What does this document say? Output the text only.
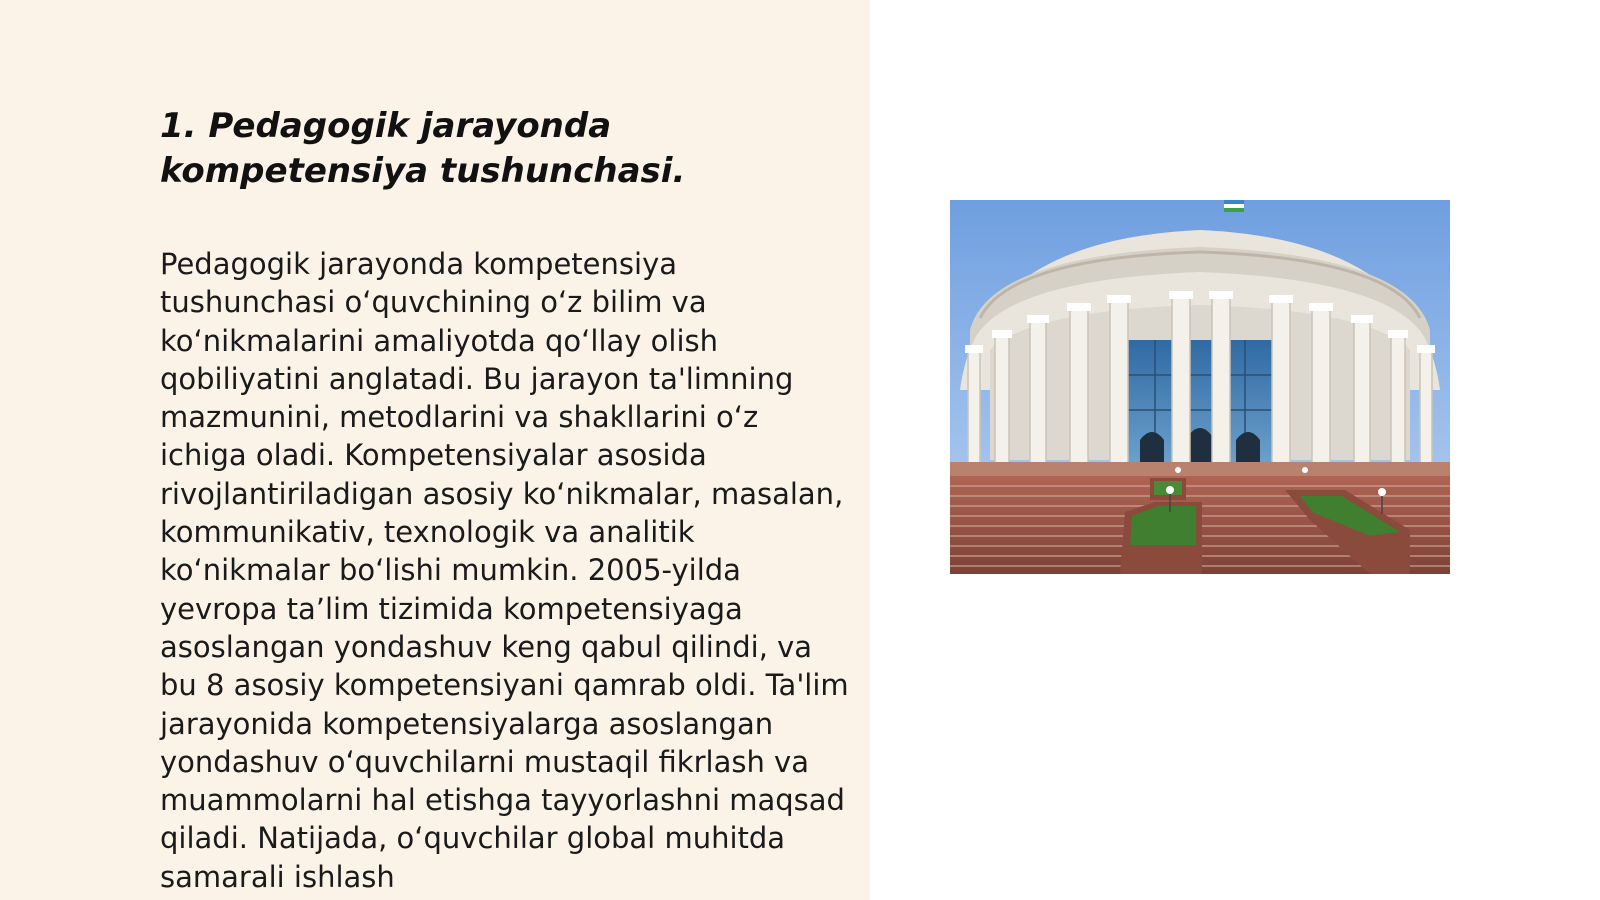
1. Pedagogik jarayonda kompetensiya tushunchasi.

Pedagogik jarayonda kompetensiya tushunchasi o‘quvchining o‘z bilim va ko‘nikmalarini amaliyotda qo‘llay olish qobiliyatini anglatadi. Bu jarayon ta'limning mazmunini, metodlarini va shakllarini o‘z ichiga oladi. Kompetensiyalar asosida rivojlantiriladigan asosiy ko‘nikmalar, masalan, kommunikativ, texnologik va analitik ko‘nikmalar bo‘lishi mumkin. 2005-yilda yevropa ta’lim tizimida kompetensiyaga asoslangan yondashuv keng qabul qilindi, va bu 8 asosiy kompetensiyani qamrab oldi. Ta'lim jarayonida kompetensiyalarga asoslangan yondashuv o‘quvchilarni mustaqil fikrlash va muammolarni hal etishga tayyorlashni maqsad qiladi. Natijada, o‘quvchilar global muhitda samarali ishlash
